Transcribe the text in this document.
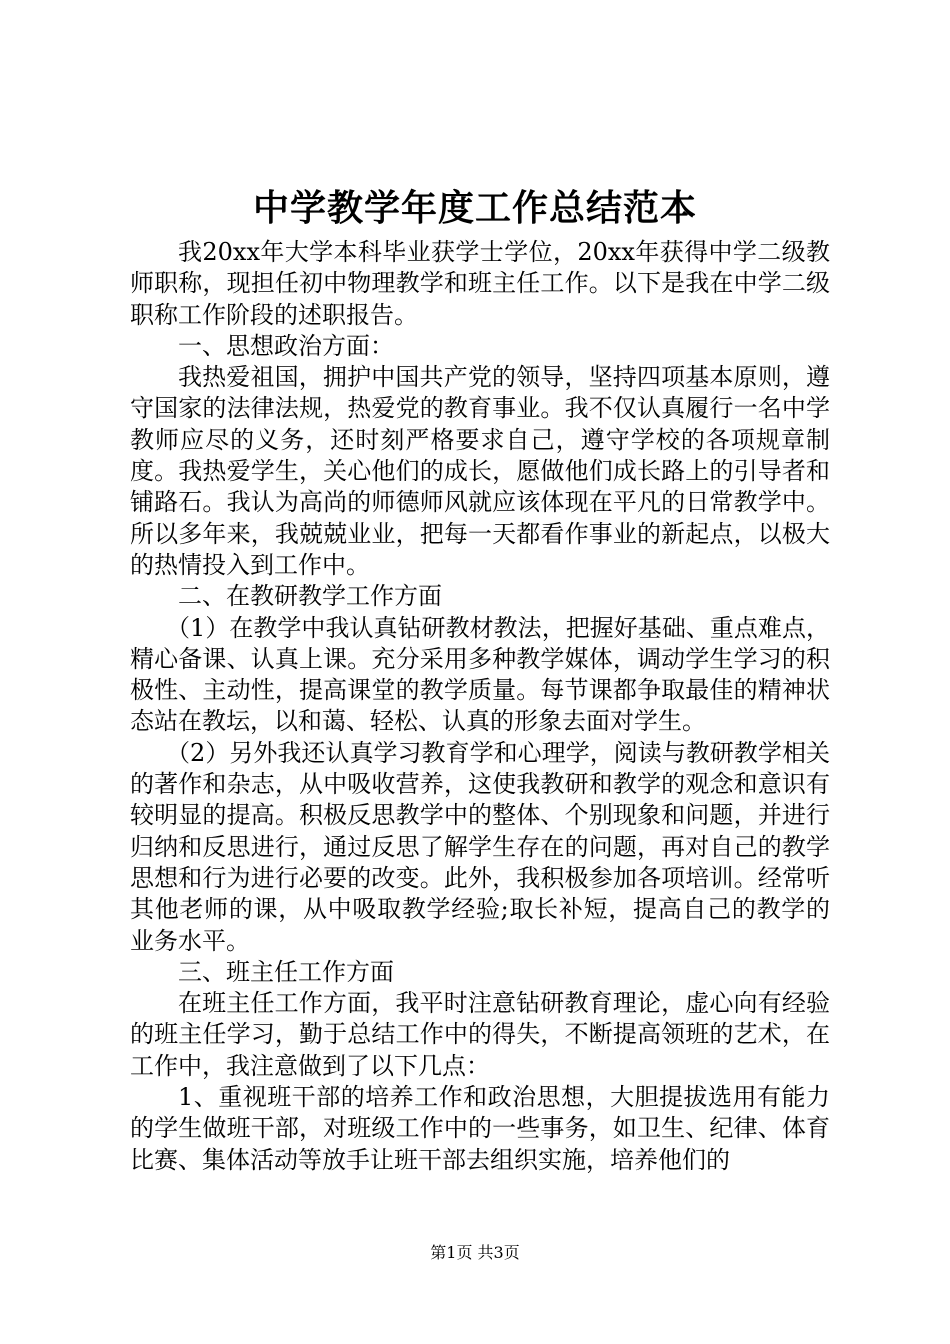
中学教学年度工作总结范本

我20xx年大学本科毕业获学士学位，20xx年获得中学二级教师职称，现担任初中物理教学和班主任工作。以下是我在中学二级职称工作阶段的述职报告。

一、思想政治方面：

我热爱祖国，拥护中国共产党的领导，坚持四项基本原则，遵守国家的法律法规，热爱党的教育事业。我不仅认真履行一名中学教师应尽的义务，还时刻严格要求自己，遵守学校的各项规章制度。我热爱学生，关心他们的成长，愿做他们成长路上的引导者和铺路石。我认为高尚的师德师风就应该体现在平凡的日常教学中。所以多年来，我兢兢业业，把每一天都看作事业的新起点，以极大的热情投入到工作中。

二、在教研教学工作方面

（1）在教学中我认真钻研教材教法，把握好基础、重点难点，精心备课、认真上课。充分采用多种教学媒体，调动学生学习的积极性、主动性，提高课堂的教学质量。每节课都争取最佳的精神状态站在教坛，以和蔼、轻松、认真的形象去面对学生。

（2）另外我还认真学习教育学和心理学，阅读与教研教学相关的著作和杂志，从中吸收营养，这使我教研和教学的观念和意识有较明显的提高。积极反思教学中的整体、个别现象和问题，并进行归纳和反思进行，通过反思了解学生存在的问题，再对自己的教学思想和行为进行必要的改变。此外，我积极参加各项培训。经常听其他老师的课，从中吸取教学经验;取长补短，提高自己的教学的业务水平。

三、班主任工作方面

在班主任工作方面，我平时注意钻研教育理论，虚心向有经验的班主任学习，勤于总结工作中的得失，不断提高领班的艺术，在工作中，我注意做到了以下几点：

1、重视班干部的培养工作和政治思想，大胆提拔选用有能力的学生做班干部，对班级工作中的一些事务，如卫生、纪律、体育比赛、集体活动等放手让班干部去组织实施，培养他们的

第1页 共3页
